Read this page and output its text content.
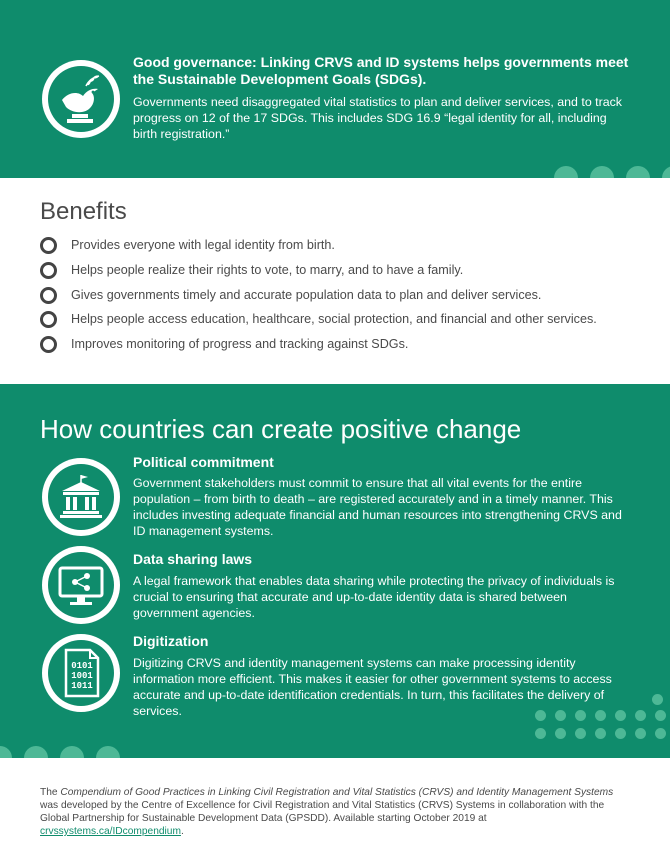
Good governance: Linking CRVS and ID systems helps governments meet the Sustainable Development Goals (SDGs).
Governments need disaggregated vital statistics to plan and deliver services, and to track progress on 12 of the 17 SDGs. This includes SDG 16.9 “legal identity for all, including birth registration.”
Benefits
Provides everyone with legal identity from birth.
Helps people realize their rights to vote, to marry, and to have a family.
Gives governments timely and accurate population data to plan and deliver services.
Helps people access education, healthcare, social protection, and financial and other services.
Improves monitoring of progress and tracking against SDGs.
How countries can create positive change
Political commitment
Government stakeholders must commit to ensure that all vital events for the entire population – from birth to death – are registered accurately and in a timely manner. This includes investing adequate financial and human resources into strengthening CRVS and ID management systems.
Data sharing laws
A legal framework that enables data sharing while protecting the privacy of individuals is crucial to ensuring that accurate and up-to-date identity data is shared between government agencies.
0101
1001
1011
Digitization
Digitizing CRVS and identity management systems can make processing identity information more efficient. This makes it easier for other government systems to access accurate and up-to-date identification credentials. In turn, this facilitates the delivery of services.
The Compendium of Good Practices in Linking Civil Registration and Vital Statistics (CRVS) and Identity Management Systems was developed by the Centre of Excellence for Civil Registration and Vital Statistics (CRVS) Systems in collaboration with the Global Partnership for Sustainable Development Data (GPSDD). Available starting October 2019 at crvssystems.ca/IDcompendium.
